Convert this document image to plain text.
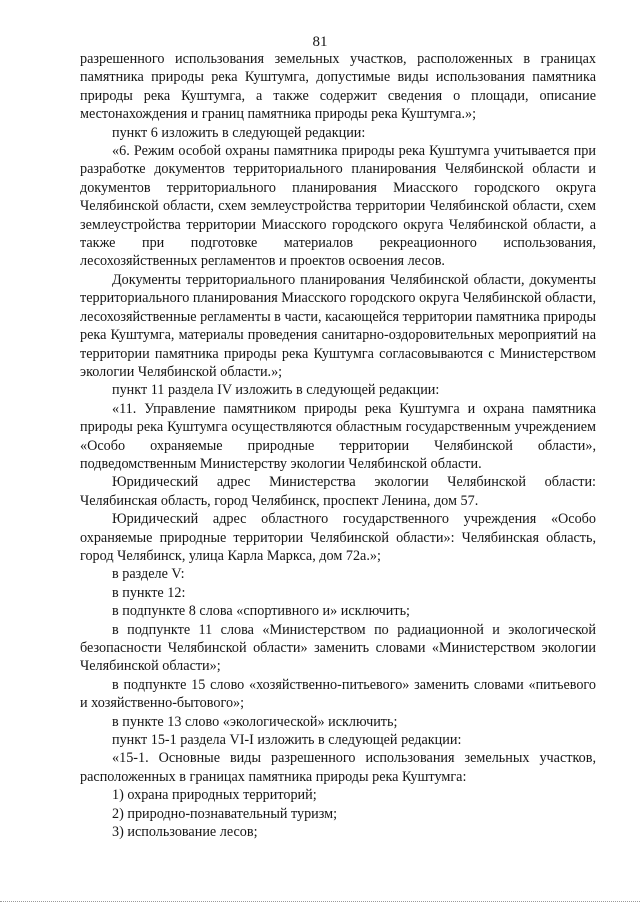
81

разрешенного использования земельных участков, расположенных в границах памятника природы река Куштумга, допустимые виды использования памятника природы река Куштумга, а также содержит сведения о площади, описание местонахождения и границ памятника природы река Куштумга.»;

пункт 6 изложить в следующей редакции:

«6. Режим особой охраны памятника природы река Куштумга учитывается при разработке документов территориального планирования Челябинской области и документов территориального планирования Миасского городского округа Челябинской области, схем землеустройства территории Челябинской области, схем землеустройства территории Миасского городского округа Челябинской области, а также при подготовке материалов рекреационного использования, лесохозяйственных регламентов и проектов освоения лесов.

Документы территориального планирования Челябинской области, документы территориального планирования Миасского городского округа Челябинской области, лесохозяйственные регламенты в части, касающейся территории памятника природы река Куштумга, материалы проведения санитарно-оздоровительных мероприятий на территории памятника природы река Куштумга согласовываются с Министерством экологии Челябинской области.»;

пункт 11 раздела IV изложить в следующей редакции:

«11. Управление памятником природы река Куштумга и охрана памятника природы река Куштумга осуществляются областным государственным учреждением «Особо охраняемые природные территории Челябинской области», подведомственным Министерству экологии Челябинской области.

Юридический адрес Министерства экологии Челябинской области: Челябинская область, город Челябинск, проспект Ленина, дом 57.

Юридический адрес областного государственного учреждения «Особо охраняемые природные территории Челябинской области»: Челябинская область, город Челябинск, улица Карла Маркса, дом 72а.»;

в разделе V:

в пункте 12:

в подпункте 8 слова «спортивного и» исключить;

в подпункте 11 слова «Министерством по радиационной и экологической безопасности Челябинской области» заменить словами «Министерством экологии Челябинской области»;

в подпункте 15 слово «хозяйственно-питьевого» заменить словами «питьевого и хозяйственно-бытового»;

в пункте 13 слово «экологической» исключить;

пункт 15-1 раздела VI-I изложить в следующей редакции:

«15-1. Основные виды разрешенного использования земельных участков, расположенных в границах памятника природы река Куштумга:

1) охрана природных территорий;

2) природно-познавательный туризм;

3) использование лесов;
